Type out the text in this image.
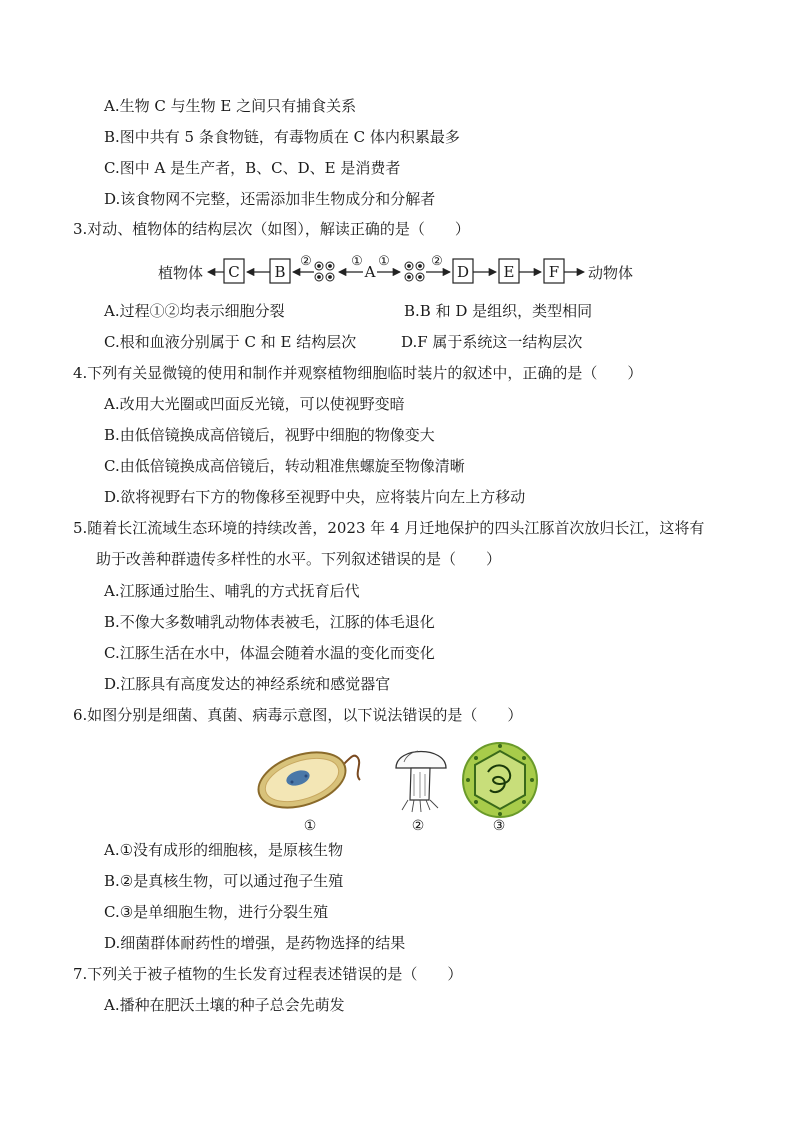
A.生物 C 与生物 E 之间只有捕食关系
B.图中共有 5 条食物链，有毒物质在 C 体内积累最多
C.图中 A 是生产者，B、C、D、E 是消费者
D.该食物网不完整，还需添加非生物成分和分解者
3.对动、植物体的结构层次（如图），解读正确的是（　　）
植物体 C B
②	①
A
①	②
D E F 动物体
A.过程①②均表示细胞分裂	B.B 和 D 是组织，类型相同
C.根和血液分别属于 C 和 E 结构层次	D.F 属于系统这一结构层次
4.下列有关显微镜的使用和制作并观察植物细胞临时装片的叙述中，正确的是（　　）
A.改用大光圈或凹面反光镜，可以使视野变暗
B.由低倍镜换成高倍镜后，视野中细胞的物像变大
C.由低倍镜换成高倍镜后，转动粗准焦螺旋至物像清晰
D.欲将视野右下方的物像移至视野中央，应将装片向左上方移动
5.随着长江流域生态环境的持续改善，2023 年 4 月迁地保护的四头江豚首次放归长江，这将有
助于改善种群遗传多样性的水平。下列叙述错误的是（　　）
A.江豚通过胎生、哺乳的方式抚育后代
B.不像大多数哺乳动物体表被毛，江豚的体毛退化
C.江豚生活在水中，体温会随着水温的变化而变化
D.江豚具有高度发达的神经系统和感觉器官
6.如图分别是细菌、真菌、病毒示意图，以下说法错误的是（　　）
①	②	③
A.①没有成形的细胞核，是原核生物
B.②是真核生物，可以通过孢子生殖
C.③是单细胞生物，进行分裂生殖
D.细菌群体耐药性的增强，是药物选择的结果
7.下列关于被子植物的生长发育过程表述错误的是（　　）
A.播种在肥沃土壤的种子总会先萌发
